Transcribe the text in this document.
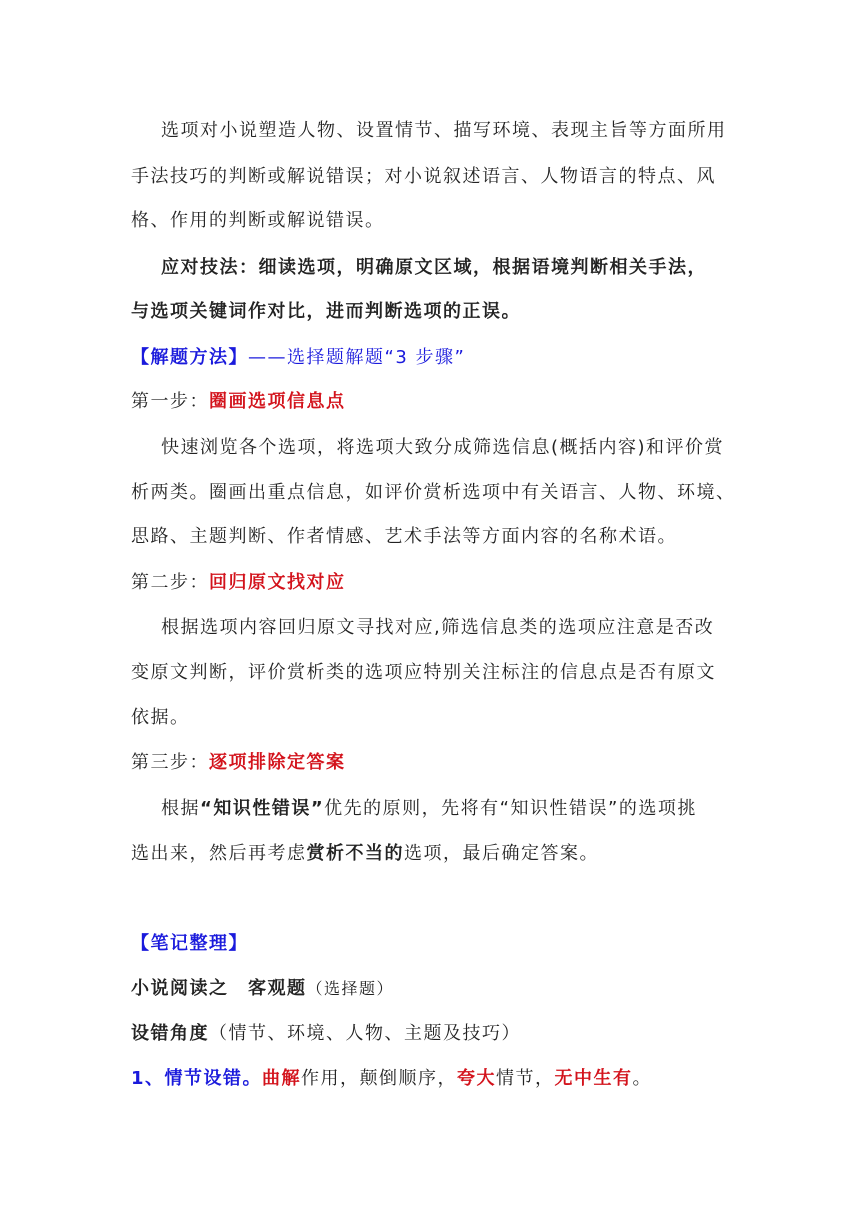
选项对小说塑造人物、设置情节、描写环境、表现主旨等方面所用
手法技巧的判断或解说错误；对小说叙述语言、人物语言的特点、风
格、作用的判断或解说错误。
应对技法：细读选项，明确原文区域，根据语境判断相关手法，
与选项关键词作对比，进而判断选项的正误。
【解题方法】——选择题解题“3 步骤”
第一步：圈画选项信息点
快速浏览各个选项，将选项大致分成筛选信息(概括内容)和评价赏
析两类。圈画出重点信息，如评价赏析选项中有关语言、人物、环境、
思路、主题判断、作者情感、艺术手法等方面内容的名称术语。
第二步：回归原文找对应
根据选项内容回归原文寻找对应,筛选信息类的选项应注意是否改
变原文判断，评价赏析类的选项应特别关注标注的信息点是否有原文
依据。
第三步：逐项排除定答案
根据“知识性错误”优先的原则，先将有“知识性错误”的选项挑
选出来，然后再考虑赏析不当的选项，最后确定答案。
【笔记整理】
小说阅读之　客观题（选择题）
设错角度（情节、环境、人物、主题及技巧）
1、情节设错。曲解作用，颠倒顺序，夸大情节，无中生有。
